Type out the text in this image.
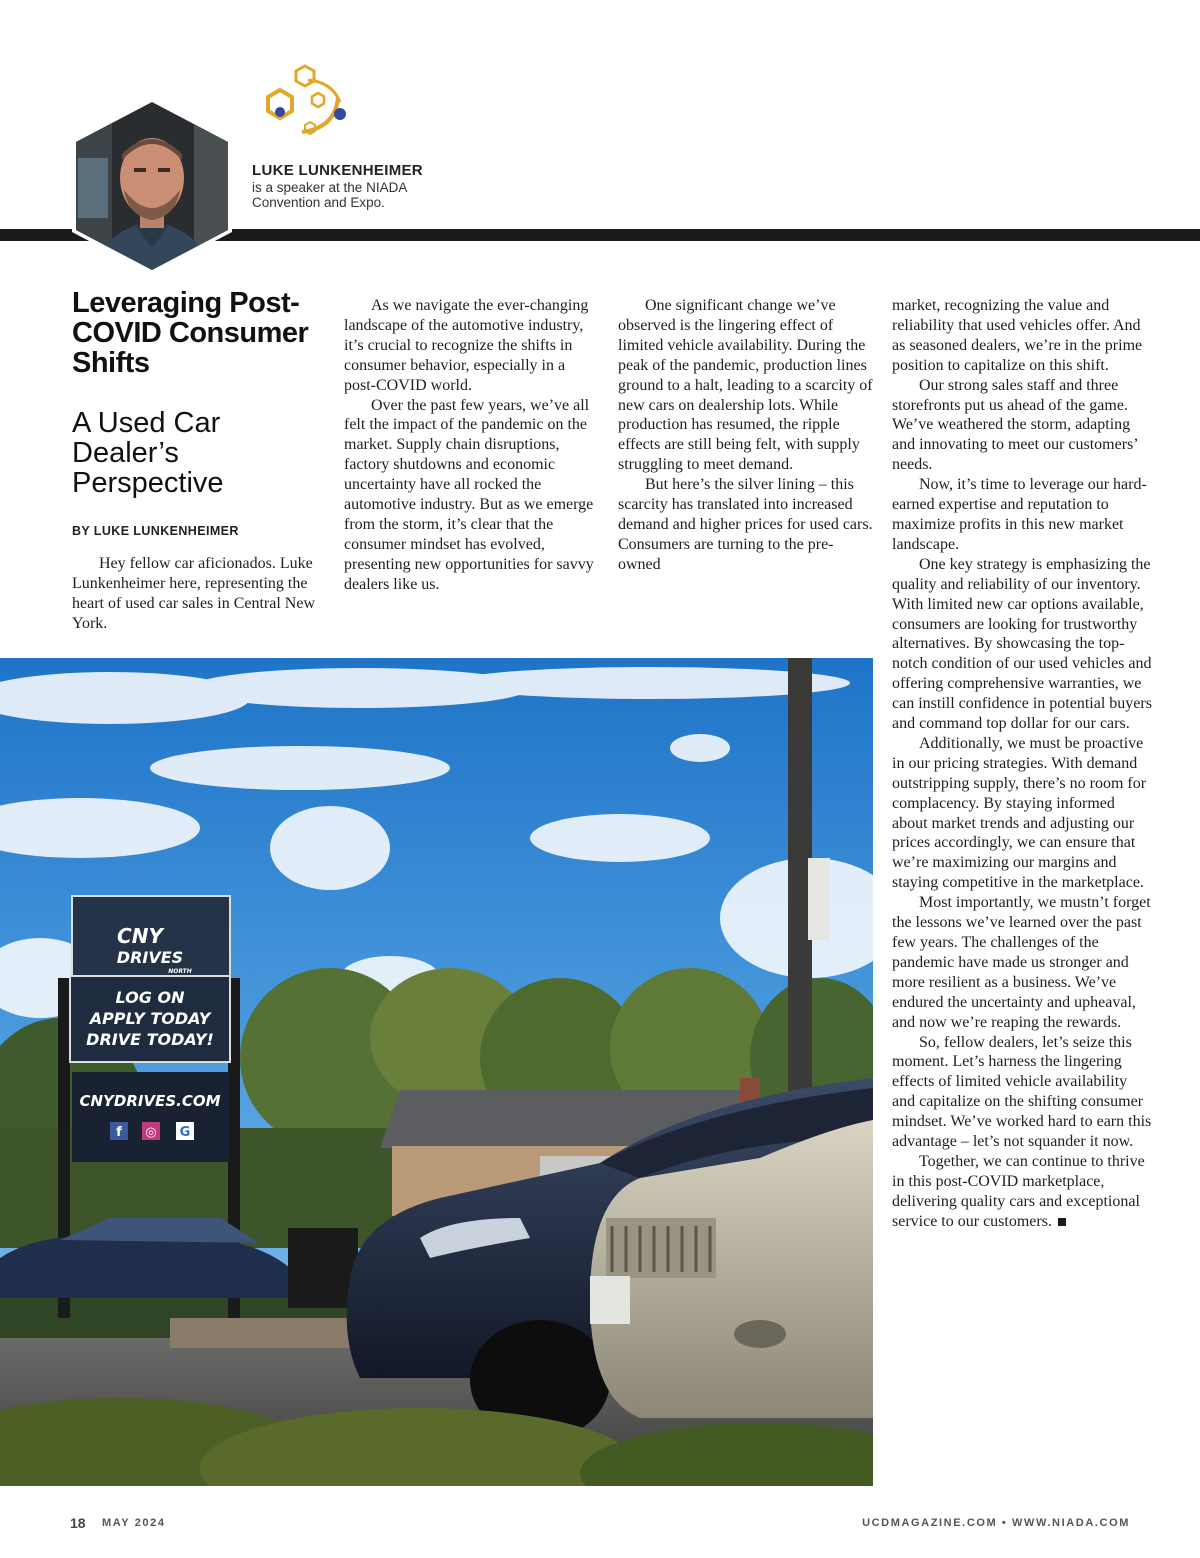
LUKE LUNKENHEIMER
is a speaker at the NIADA Convention and Expo.
Leveraging Post-COVID Consumer Shifts
A Used Car Dealer’s Perspective
BY LUKE LUNKENHEIMER

Hey fellow car aficionados. Luke Lunkenheimer here, representing the heart of used car sales in Central New York.

As we navigate the ever-changing landscape of the automotive industry, it’s crucial to recognize the shifts in consumer behavior, especially in a post-COVID world.

Over the past few years, we’ve all felt the impact of the pandemic on the market. Supply chain disruptions, factory shutdowns and economic uncertainty have all rocked the automotive industry. But as we emerge from the storm, it’s clear that the consumer mindset has evolved, presenting new opportunities for savvy dealers like us.

One significant change we’ve observed is the lingering effect of limited vehicle availability. During the peak of the pandemic, production lines ground to a halt, leading to a scarcity of new cars on dealership lots. While production has resumed, the ripple effects are still being felt, with supply struggling to meet demand.

But here’s the silver lining – this scarcity has translated into increased demand and higher prices for used cars. Consumers are turning to the pre-owned

market, recognizing the value and reliability that used vehicles offer. And as seasoned dealers, we’re in the prime position to capitalize on this shift.

Our strong sales staff and three storefronts put us ahead of the game. We’ve weathered the storm, adapting and innovating to meet our customers’ needs.

Now, it’s time to leverage our hard-earned expertise and reputation to maximize profits in this new market landscape.

One key strategy is emphasizing the quality and reliability of our inventory. With limited new car options available, consumers are looking for trustworthy alternatives. By showcasing the top-notch condition of our used vehicles and offering comprehensive warranties, we can instill confidence in potential buyers and command top dollar for our cars.

Additionally, we must be proactive in our pricing strategies. With demand outstripping supply, there’s no room for complacency. By staying informed about market trends and adjusting our prices accordingly, we can ensure that we’re maximizing our margins and staying competitive in the marketplace.

Most importantly, we mustn’t forget the lessons we’ve learned over the past few years. The challenges of the pandemic have made us stronger and more resilient as a business. We’ve endured the uncertainty and upheaval, and now we’re reaping the rewards.

So, fellow dealers, let’s seize this moment. Let’s harness the lingering effects of limited vehicle availability and capitalize on the shifting consumer mindset. We’ve worked hard to earn this advantage – let’s not squander it now.

Together, we can continue to thrive in this post-COVID marketplace, delivering quality cars and exceptional service to our customers.

CNY
DRIVES
NORTH
LOG ON
APPLY TODAY
DRIVE TODAY!
CNYDRIVES.COM
f ◎ G
18 MAY 2024	UCDMAGAZINE.COM • WWW.NIADA.COM
